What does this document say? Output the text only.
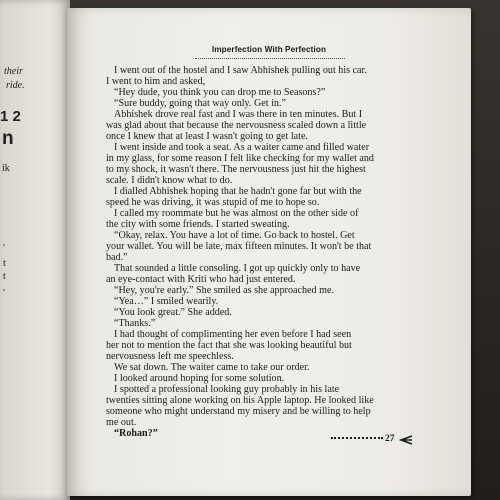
their
ride.
1 2
n
ik
'
t
t
'
Imperfection With Perfection
I went out of the hostel and I saw Abhishek pulling out his car.
I went to him and asked,
“Hey dude, you think you can drop me to Seasons?”
“Sure buddy, going that way only. Get in.”
Abhishek drove real fast and I was there in ten minutes. But I
was glad about that because the nervousness scaled down a little
once I knew that at least I wasn't going to get late.
I went inside and took a seat. As a waiter came and filled water
in my glass, for some reason I felt like checking for my wallet and
to my shock, it wasn't there. The nervousness just hit the highest
scale. I didn't know what to do.
I dialled Abhishek hoping that he hadn't gone far but with the
speed he was driving, it was stupid of me to hope so.
I called my roommate but he was almost on the other side of
the city with some friends. I started sweating.
“Okay, relax. You have a lot of time. Go back to hostel. Get
your wallet. You will be late, max fifteen minutes. It won't be that
bad.”
That sounded a little consoling. I got up quickly only to have
an eye-contact with Kriti who had just entered.
“Hey, you're early.” She smiled as she approached me.
“Yea…” I smiled wearily.
“You look great.” She added.
“Thanks.”
I had thought of complimenting her even before I had seen
her not to mention the fact that she was looking beautiful but
nervousness left me speechless.
We sat down. The waiter came to take our order.
I looked around hoping for some solution.
I spotted a professional looking guy probably in his late
twenties sitting alone working on his Apple laptop. He looked like
someone who might understand my misery and be willing to help
me out.
“Rohan?”	27
